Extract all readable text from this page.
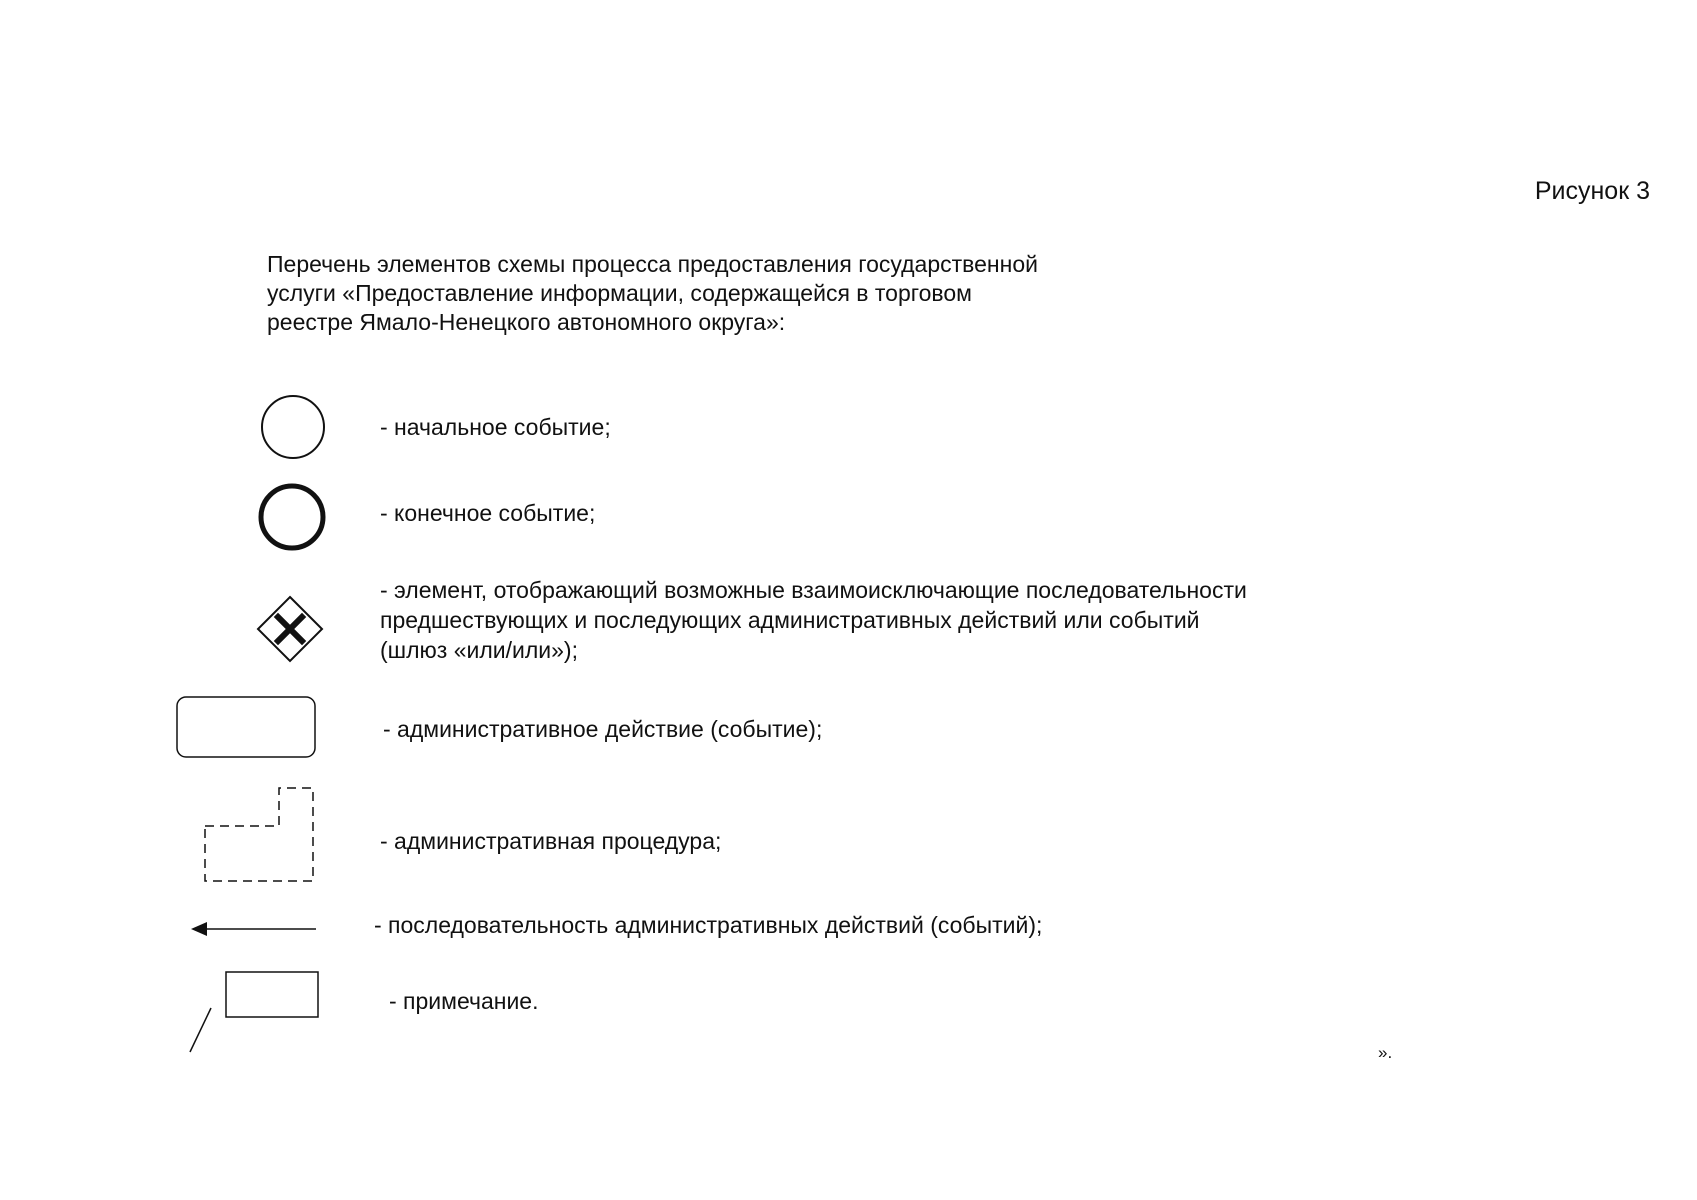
Рисунок 3
Перечень элементов схемы процесса предоставления государственной
услуги «Предоставление информации, содержащейся в торговом
реестре Ямало-Ненецкого автономного округа»:
- начальное событие;
- конечное событие;
- элемент, отображающий возможные взаимоисключающие последовательности
предшествующих и последующих административных действий или событий
(шлюз «или/или»);
- административное действие (событие);
- административная процедура;
- последовательность административных действий (событий);
- примечание.
».
